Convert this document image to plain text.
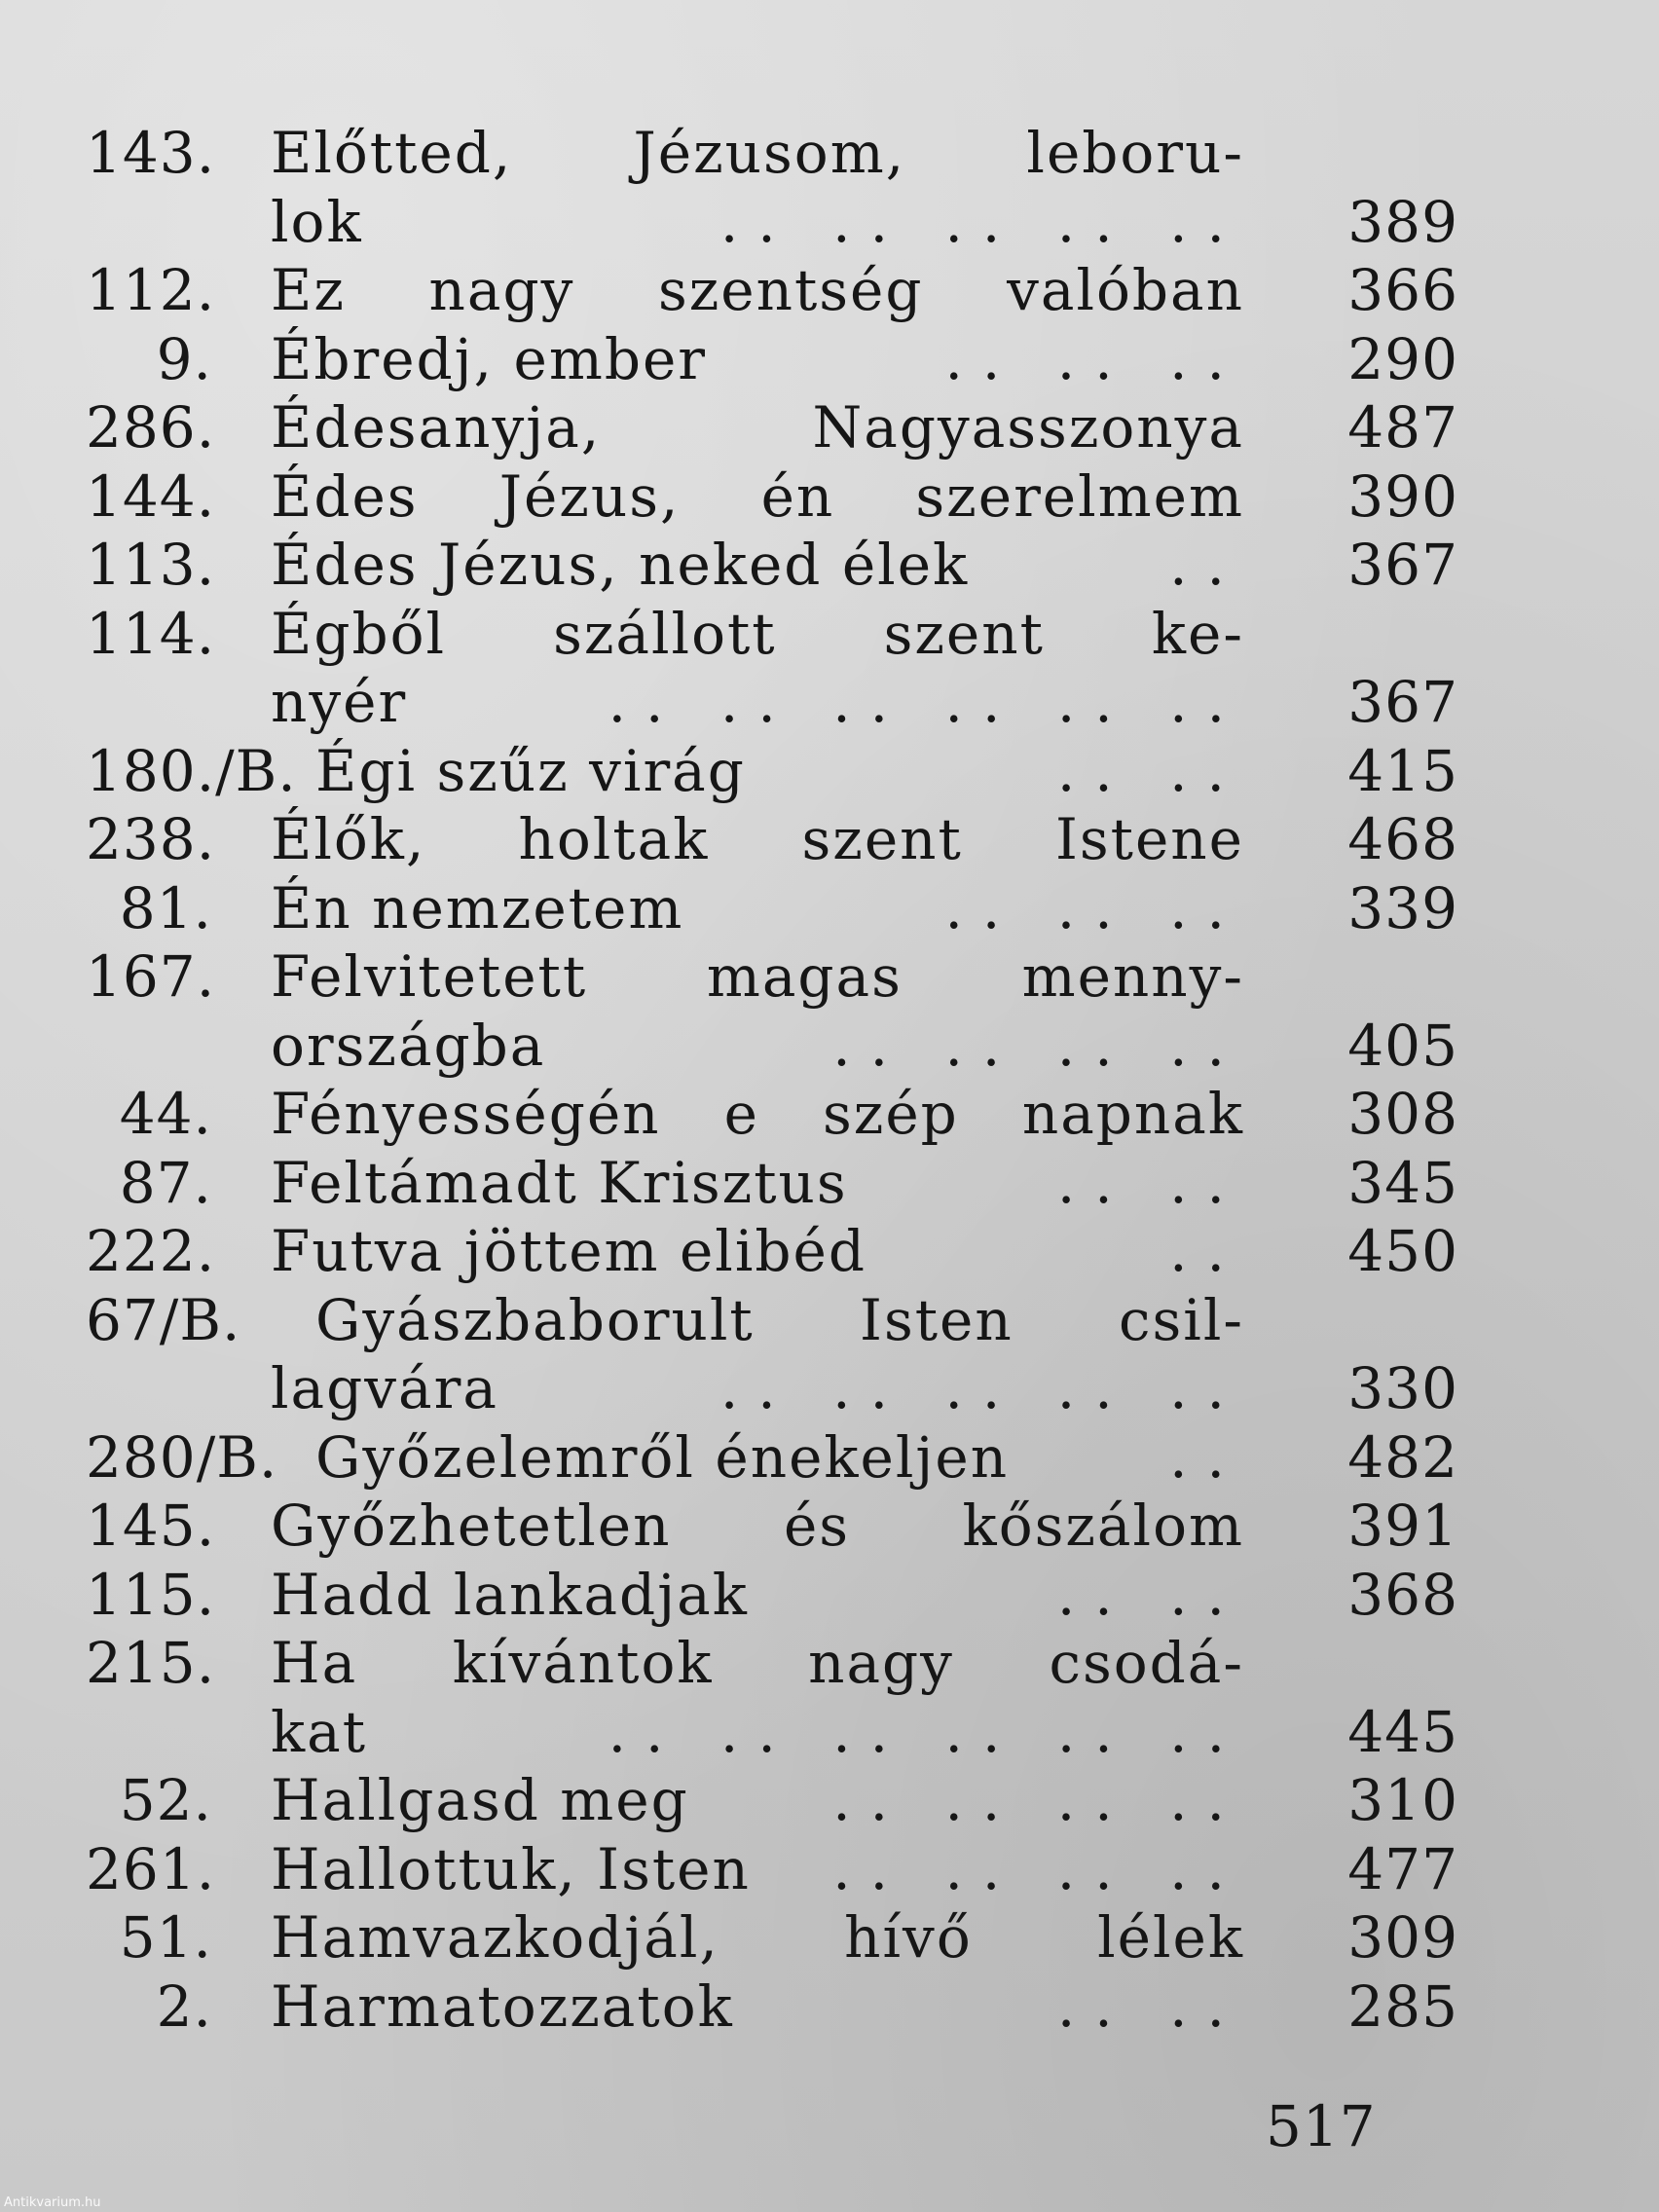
143. Előtted, Jézusom, leboru-
lok	.. .. .. .. ..	389
112. Ez nagy szentség valóban	366
9. Ébredj, ember	.. .. ..	290
286. Édesanyja,	Nagyasszonya	487
144. Édes Jézus, én szerelmem	390
113. Édes Jézus, neked élek	..	367
114. Égből szállott szent ke-
nyér	.. .. .. .. .. ..	367
180./B. Égi szűz virág	.. ..	415
238. Élők, holtak szent Istene	468
81. Én nemzetem	.. .. ..	339
167. Felvitetett magas menny-
országba	.. .. .. ..	405
44. Fényességén e szép napnak	308
87. Feltámadt Krisztus	.. ..	345
222. Futva jöttem elibéd	..	450
67/B. Gyászbaborult Isten csil-
lagvára	.. .. .. .. ..	330
280/B. Győzelemről énekeljen	..	482
145. Győzhetetlen és kőszálom	391
115. Hadd lankadjak	.. ..	368
215. Ha kívántok nagy csodá-
kat	.. .. .. .. .. ..	445
52. Hallgasd meg	.. .. .. ..	310
261. Hallottuk, Isten	.. .. .. ..	477
51. Hamvazkodjál, hívő lélek	309
2. Harmatozzatok	.. ..	285
517
Antikvarium.hu
